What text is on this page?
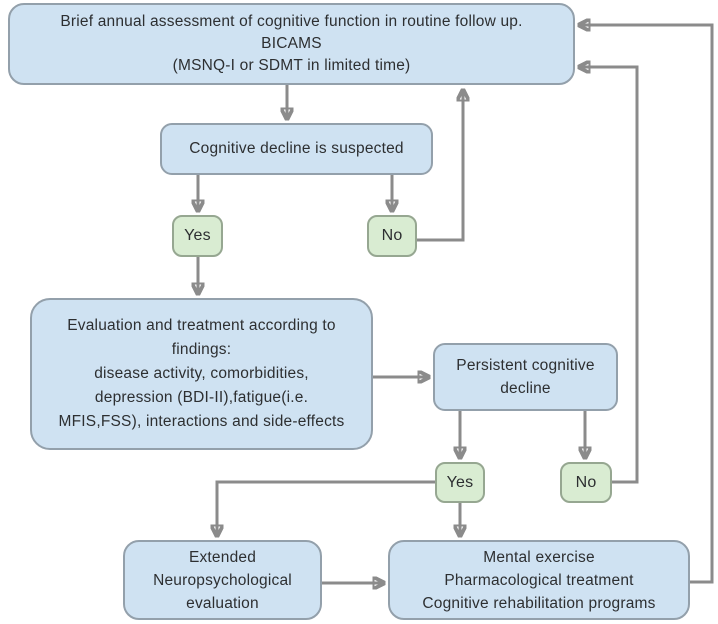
Brief annual assessment of cognitive function in routine follow up.
BICAMS
(MSNQ-I or SDMT in limited time)
Cognitive decline is suspected
Yes	No
Evaluation and treatment according to
findings:
disease activity, comorbidities,
depression (BDI-II),fatigue(i.e.
MFIS,FSS), interactions and side-effects
Persistent cognitive
decline
Yes	No
Extended
Neuropsychological
evaluation
Mental exercise
Pharmacological treatment
Cognitive rehabilitation programs
